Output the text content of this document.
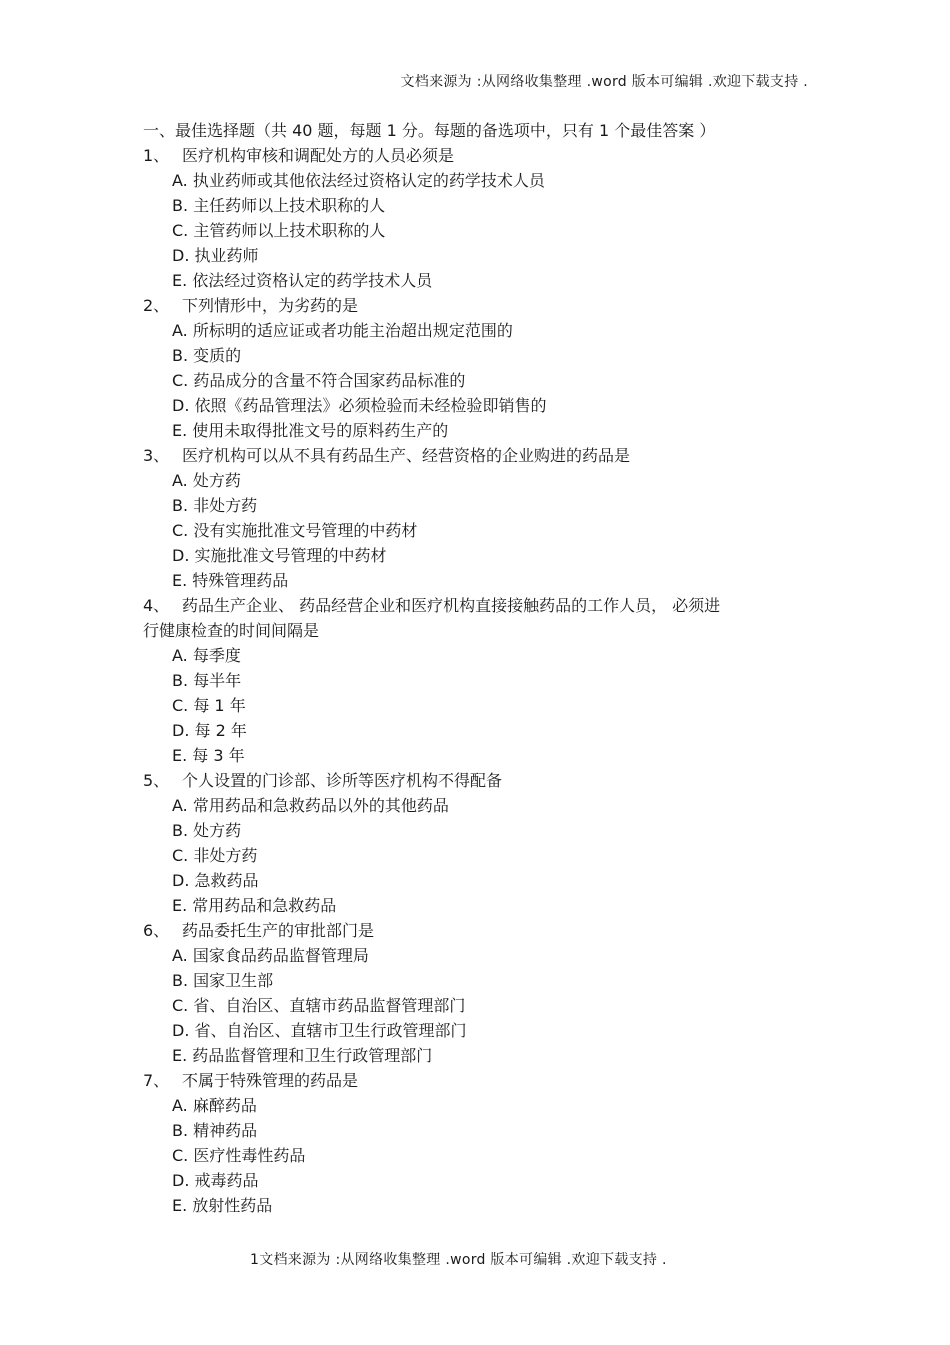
文档来源为 :从网络收集整理 .word 版本可编辑 .欢迎下载支持 .
一、最佳选择题（共 40 题，每题 1 分。每题的备选项中，只有 1 个最佳答案 ）
1、 医疗机构审核和调配处方的人员必须是
A. 执业药师或其他依法经过资格认定的药学技术人员
B. 主任药师以上技术职称的人
C. 主管药师以上技术职称的人
D. 执业药师
E. 依法经过资格认定的药学技术人员
2、 下列情形中，为劣药的是
A. 所标明的适应证或者功能主治超出规定范围的
B. 变质的
C. 药品成分的含量不符合国家药品标准的
D. 依照《药品管理法》必须检验而未经检验即销售的
E. 使用未取得批准文号的原料药生产的
3、 医疗机构可以从不具有药品生产、经营资格的企业购进的药品是
A. 处方药
B. 非处方药
C. 没有实施批准文号管理的中药材
D. 实施批准文号管理的中药材
E. 特殊管理药品
4、 药品生产企业、 药品经营企业和医疗机构直接接触药品的工作人员， 必须进
行健康检查的时间间隔是
A. 每季度
B. 每半年
C. 每 1 年
D. 每 2 年
E. 每 3 年
5、 个人设置的门诊部、诊所等医疗机构不得配备
A. 常用药品和急救药品以外的其他药品
B. 处方药
C. 非处方药
D. 急救药品
E. 常用药品和急救药品
6、 药品委托生产的审批部门是
A. 国家食品药品监督管理局
B. 国家卫生部
C. 省、自治区、直辖市药品监督管理部门
D. 省、自治区、直辖市卫生行政管理部门
E. 药品监督管理和卫生行政管理部门
7、 不属于特殊管理的药品是
A. 麻醉药品
B. 精神药品
C. 医疗性毒性药品
D. 戒毒药品
E. 放射性药品
1文档来源为 :从网络收集整理 .word 版本可编辑 .欢迎下载支持 .
